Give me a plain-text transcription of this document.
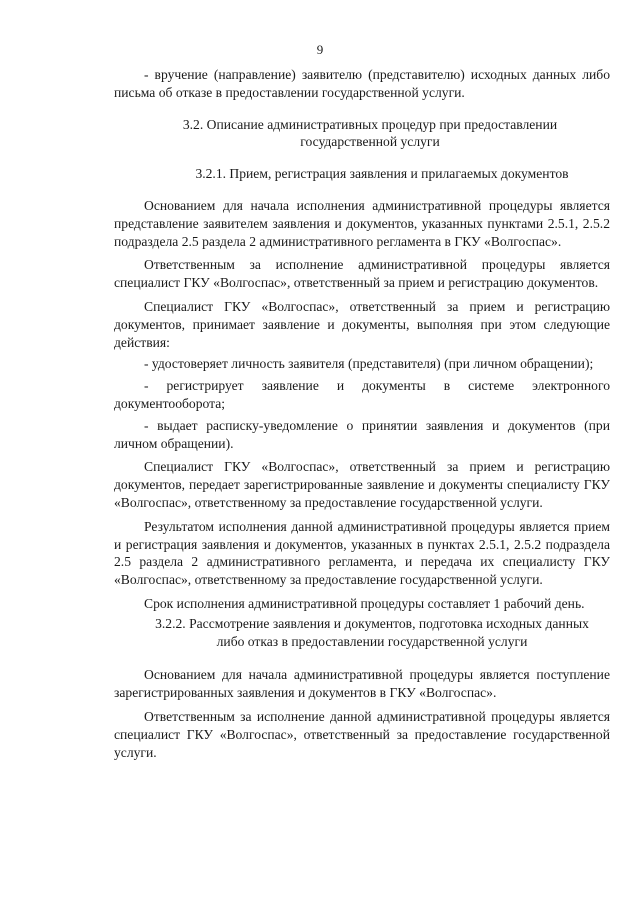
9

- вручение (направление) заявителю (представителю) исходных данных либо письма об отказе в предоставлении государственной услуги.

3.2. Описание административных процедур при предоставлении государственной услуги

3.2.1. Прием, регистрация заявления и прилагаемых документов

Основанием для начала исполнения административной процедуры является представление заявителем заявления и документов, указанных пунктами 2.5.1, 2.5.2 подраздела 2.5 раздела 2 административного регламента в ГКУ «Волгоспас».

Ответственным за исполнение административной процедуры является специалист ГКУ «Волгоспас», ответственный за прием и регистрацию документов.

Специалист ГКУ «Волгоспас», ответственный за прием и регистрацию документов, принимает заявление и документы, выполняя при этом следующие действия:

- удостоверяет личность заявителя (представителя) (при личном обращении);

- регистрирует заявление и документы в системе электронного документооборота;

- выдает расписку-уведомление о принятии заявления и документов (при личном обращении).

Специалист ГКУ «Волгоспас», ответственный за прием и регистрацию документов, передает зарегистрированные заявление и документы специалисту ГКУ «Волгоспас», ответственному за предоставление государственной услуги.

Результатом исполнения данной административной процедуры является прием и регистрация заявления и документов, указанных в пунктах 2.5.1, 2.5.2 подраздела 2.5 раздела 2 административного регламента, и передача их специалисту ГКУ «Волгоспас», ответственному за предоставление государственной услуги.

Срок исполнения административной процедуры составляет 1 рабочий день.

3.2.2. Рассмотрение заявления и документов, подготовка исходных данных либо отказ в предоставлении государственной услуги

Основанием для начала административной процедуры является поступление зарегистрированных заявления и документов в ГКУ «Волгоспас».

Ответственным за исполнение данной административной процедуры является специалист ГКУ «Волгоспас», ответственный за предоставление государственной услуги.
